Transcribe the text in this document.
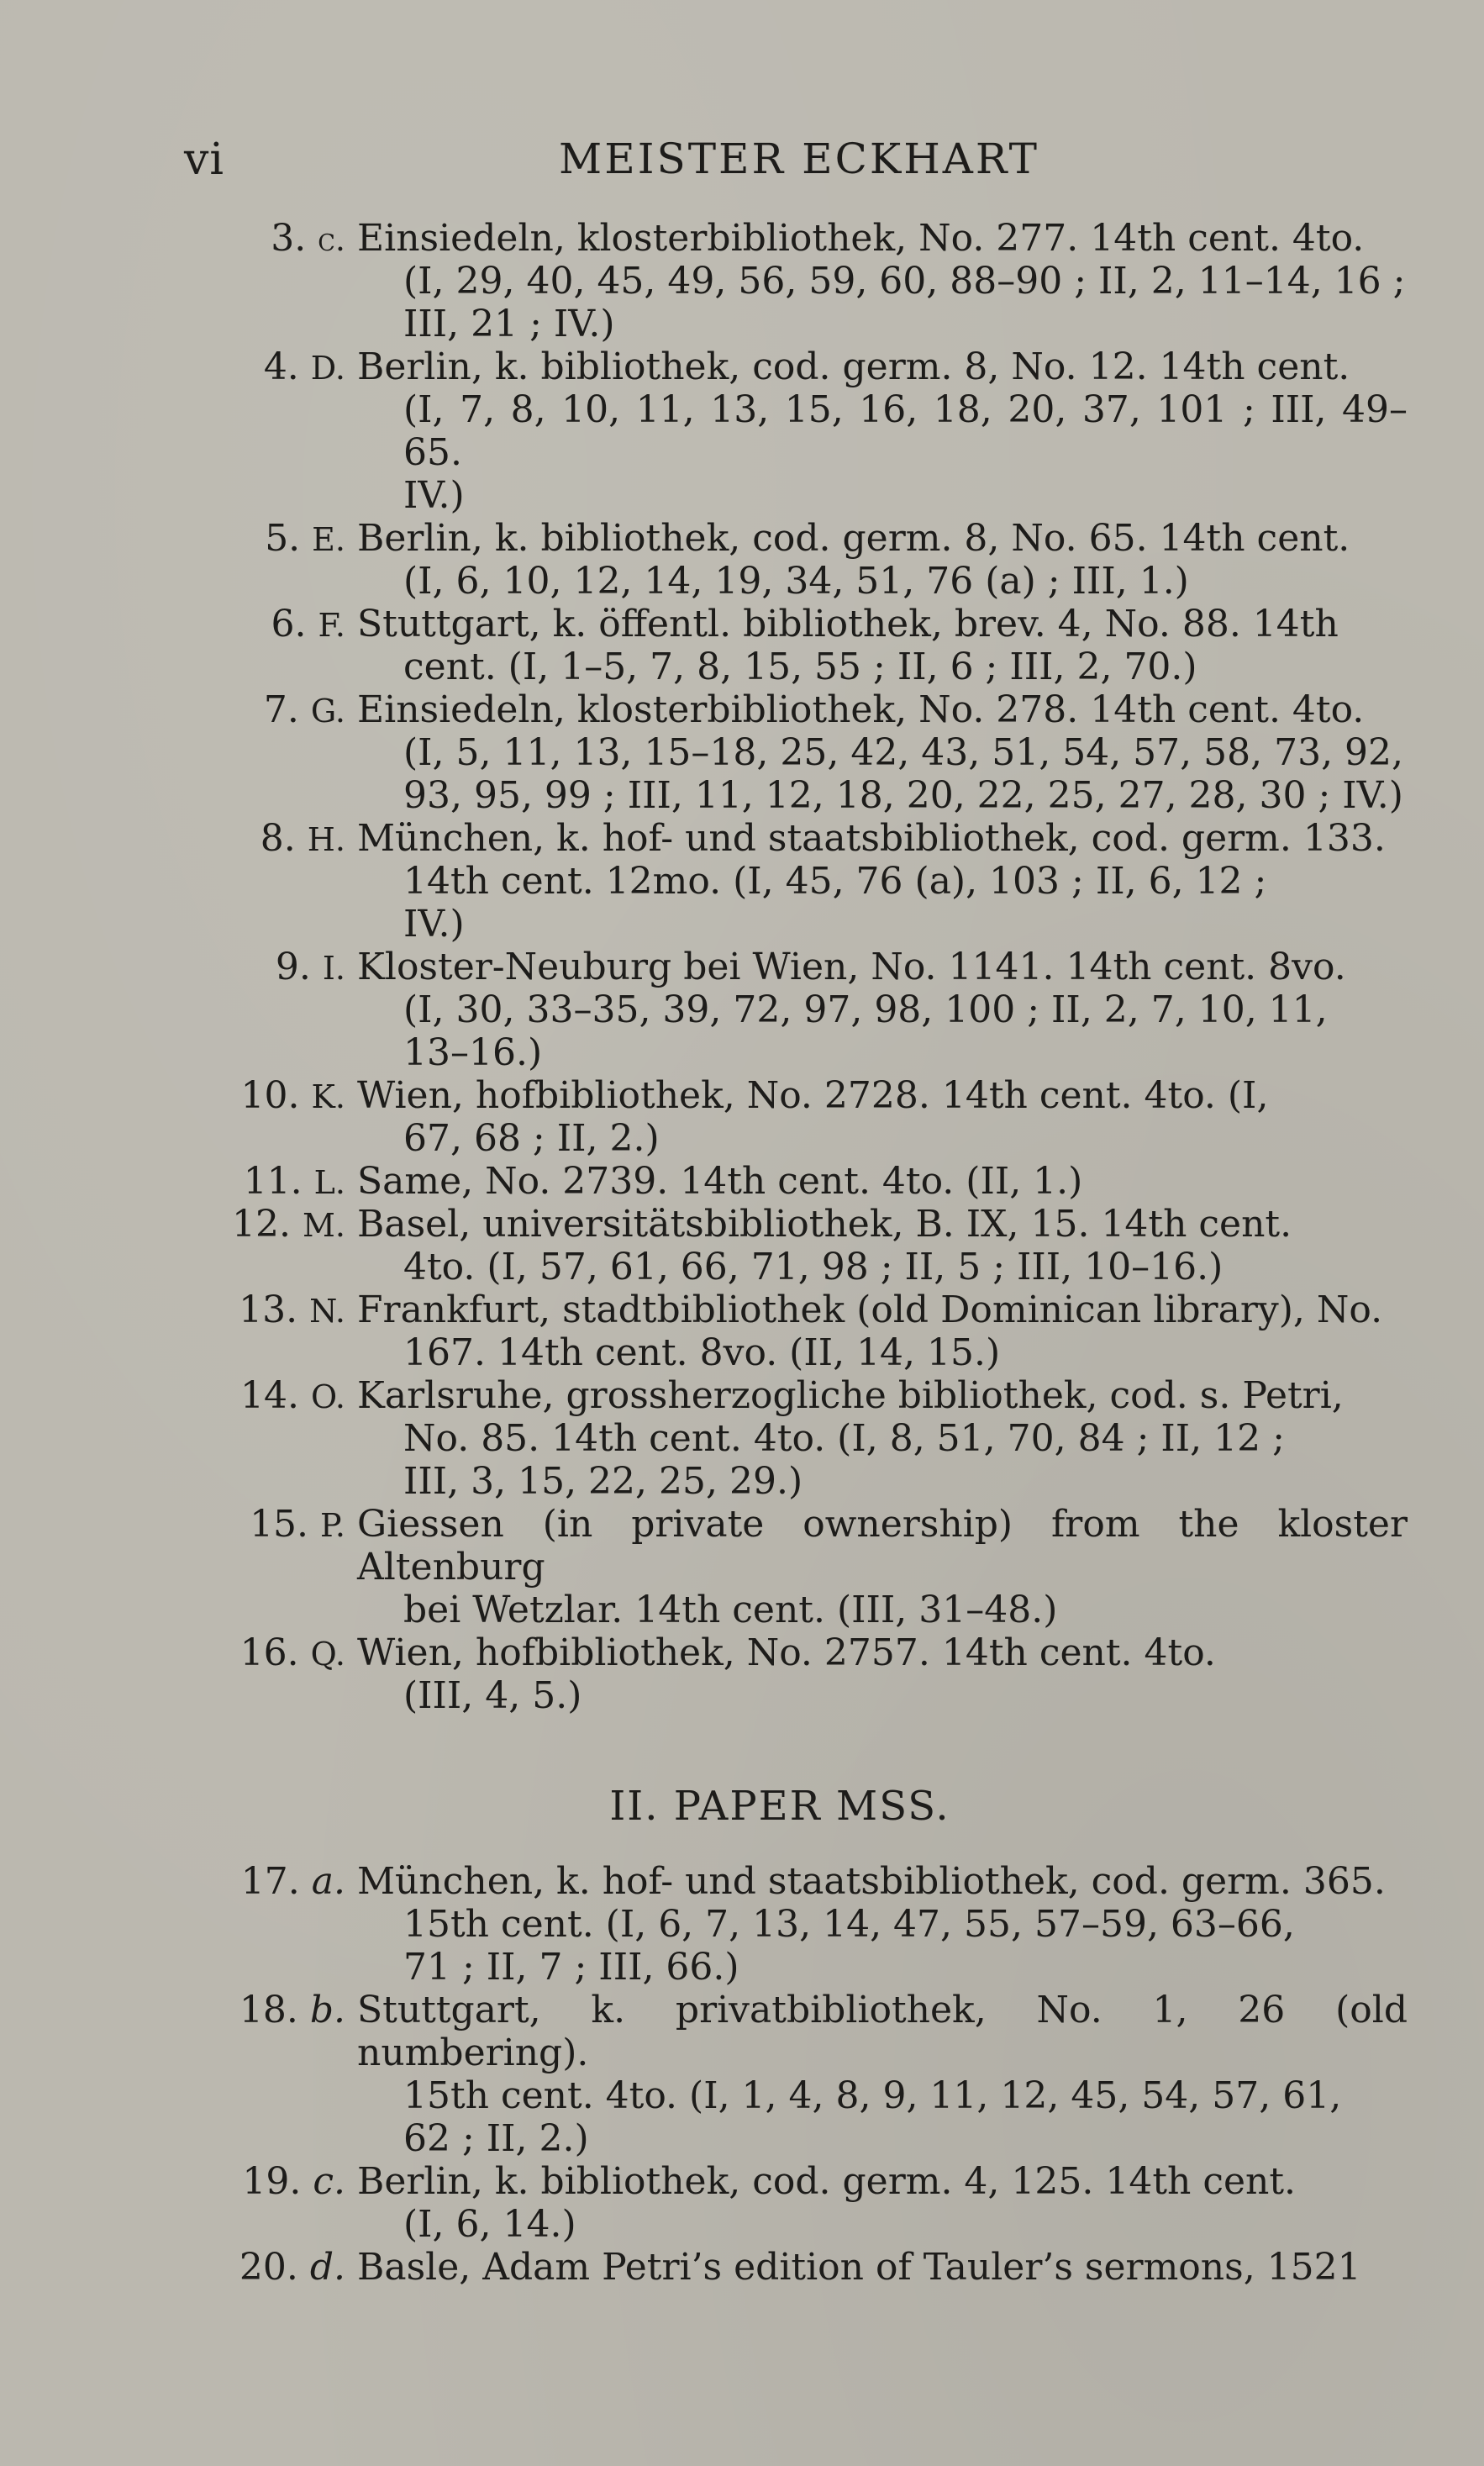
vi	MEISTER ECKHART
3. c. Einsiedeln, klosterbibliothek, No. 277. 14th cent. 4to.
(I, 29, 40, 45, 49, 56, 59, 60, 88–90 ; II, 2, 11–14, 16 ;
III, 21 ; IV.)
4. D. Berlin, k. bibliothek, cod. germ. 8, No. 12. 14th cent.
(I, 7, 8, 10, 11, 13, 15, 16, 18, 20, 37, 101 ; III, 49–65.
IV.)
5. E. Berlin, k. bibliothek, cod. germ. 8, No. 65. 14th cent.
(I, 6, 10, 12, 14, 19, 34, 51, 76 (a) ; III, 1.)
6. F. Stuttgart, k. öffentl. bibliothek, brev. 4, No. 88. 14th
cent. (I, 1–5, 7, 8, 15, 55 ; II, 6 ; III, 2, 70.)
7. G. Einsiedeln, klosterbibliothek, No. 278. 14th cent. 4to.
(I, 5, 11, 13, 15–18, 25, 42, 43, 51, 54, 57, 58, 73, 92,
93, 95, 99 ; III, 11, 12, 18, 20, 22, 25, 27, 28, 30 ; IV.)
8. H. München, k. hof- und staatsbibliothek, cod. germ. 133.
14th cent. 12mo. (I, 45, 76 (a), 103 ; II, 6, 12 ;
IV.)
9. I. Kloster-Neuburg bei Wien, No. 1141. 14th cent. 8vo.
(I, 30, 33–35, 39, 72, 97, 98, 100 ; II, 2, 7, 10, 11,
13–16.)
10. K. Wien, hofbibliothek, No. 2728. 14th cent. 4to. (I,
67, 68 ; II, 2.)
11. L. Same, No. 2739. 14th cent. 4to. (II, 1.)
12. M. Basel, universitätsbibliothek, B. IX, 15. 14th cent.
4to. (I, 57, 61, 66, 71, 98 ; II, 5 ; III, 10–16.)
13. N. Frankfurt, stadtbibliothek (old Dominican library), No.
167. 14th cent. 8vo. (II, 14, 15.)
14. O. Karlsruhe, grossherzogliche bibliothek, cod. s. Petri,
No. 85. 14th cent. 4to. (I, 8, 51, 70, 84 ; II, 12 ;
III, 3, 15, 22, 25, 29.)
15. P. Giessen (in private ownership) from the kloster Altenburg
bei Wetzlar. 14th cent. (III, 31–48.)
16. Q. Wien, hofbibliothek, No. 2757. 14th cent. 4to.
(III, 4, 5.)
II. PAPER MSS.
17. a. München, k. hof- und staatsbibliothek, cod. germ. 365.
15th cent. (I, 6, 7, 13, 14, 47, 55, 57–59, 63–66,
71 ; II, 7 ; III, 66.)
18. b. Stuttgart, k. privatbibliothek, No. 1, 26 (old numbering).
15th cent. 4to. (I, 1, 4, 8, 9, 11, 12, 45, 54, 57, 61,
62 ; II, 2.)
19. c. Berlin, k. bibliothek, cod. germ. 4, 125. 14th cent.
(I, 6, 14.)
20. d. Basle, Adam Petri’s edition of Tauler’s sermons, 1521
